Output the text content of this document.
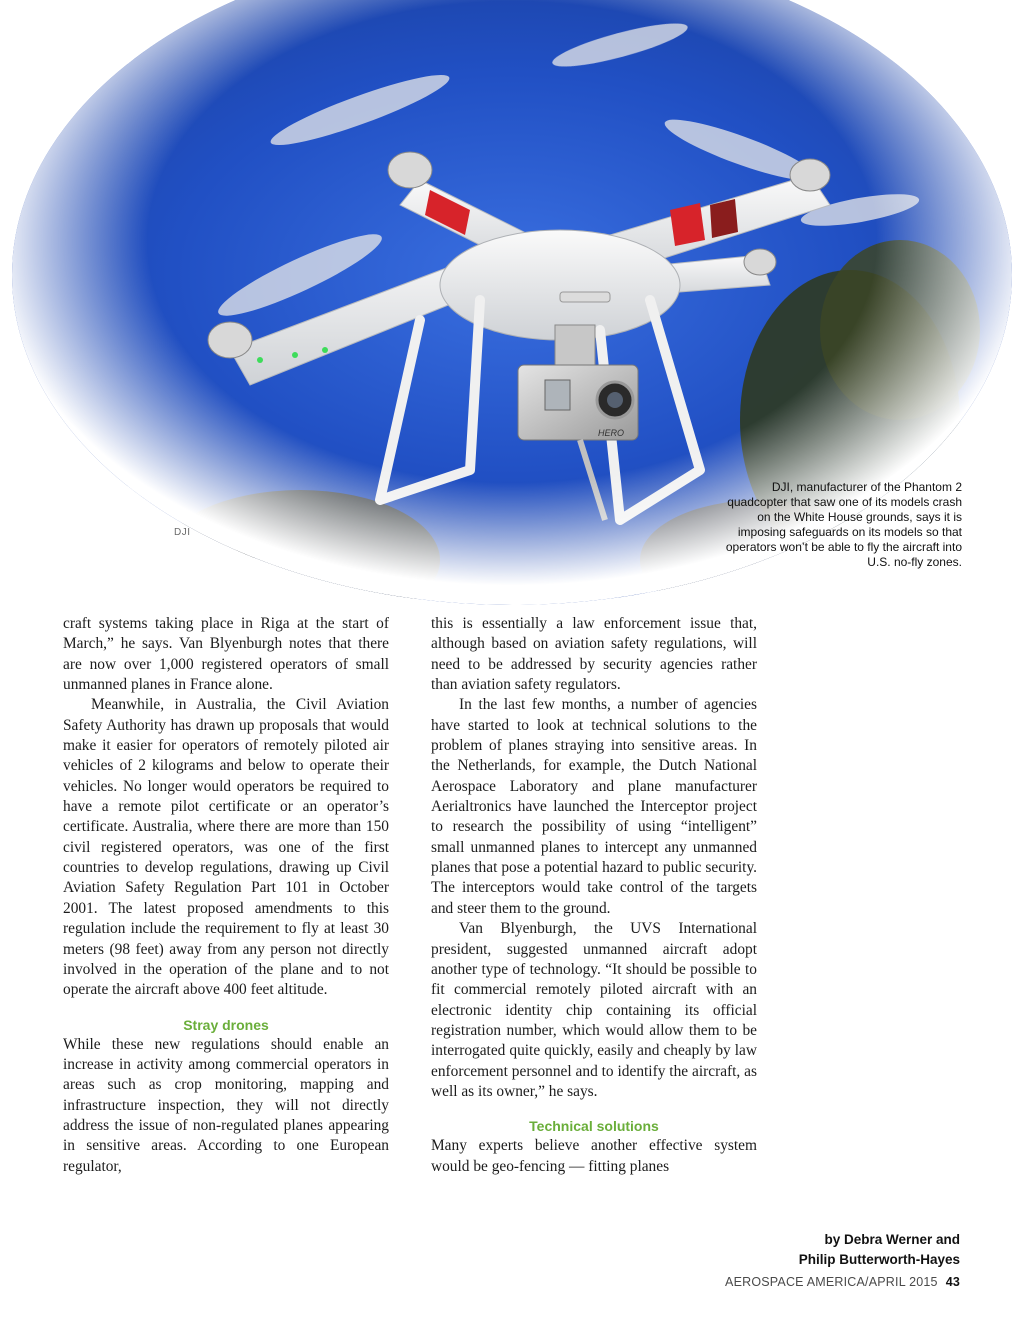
DJI
DJI, manufacturer of the Phantom 2 quadcopter that saw one of its models crash on the White House grounds, says it is imposing safeguards on its models so that operators won’t be able to fly the aircraft into U.S. no-fly zones.

craft systems taking place in Riga at the start of March,” he says. Van Blyenburgh notes that there are now over 1,000 registered operators of small unmanned planes in France alone.

Meanwhile, in Australia, the Civil Aviation Safety Authority has drawn up proposals that would make it easier for operators of remotely piloted air vehicles of 2 kilograms and below to operate their vehicles. No longer would operators be required to have a remote pilot certificate or an operator’s certificate. Australia, where there are more than 150 civil registered operators, was one of the first countries to develop regulations, drawing up Civil Aviation Safety Regulation Part 101 in October 2001. The latest proposed amendments to this regulation include the requirement to fly at least 30 meters (98 feet) away from any person not directly involved in the operation of the plane and to not operate the aircraft above 400 feet altitude.

Stray drones

While these new regulations should enable an increase in activity among commercial operators in areas such as crop monitoring, mapping and infrastructure inspection, they will not directly address the issue of non-regulated planes appearing in sensitive areas. According to one European regulator,

this is essentially a law enforcement issue that, although based on aviation safety regulations, will need to be addressed by security agencies rather than aviation safety regulators.

In the last few months, a number of agencies have started to look at technical solutions to the problem of planes straying into sensitive areas. In the Netherlands, for example, the Dutch National Aerospace Laboratory and plane manufacturer Aerialtronics have launched the Interceptor project to research the possibility of using “intelligent” small unmanned planes to intercept any unmanned planes that pose a potential hazard to public security. The interceptors would take control of the targets and steer them to the ground.

Van Blyenburgh, the UVS International president, suggested unmanned aircraft adopt another type of technology. “It should be possible to fit commercial remotely piloted aircraft with an electronic identity chip containing its official registration number, which would allow them to be interrogated quite quickly, easily and cheaply by law enforcement personnel and to identify the aircraft, as well as its owner,” he says.

Technical solutions

Many experts believe another effective system would be geo-fencing — fitting planes

by Debra Werner and
Philip Butterworth-Hayes
AEROSPACE AMERICA/APRIL 2015 43
